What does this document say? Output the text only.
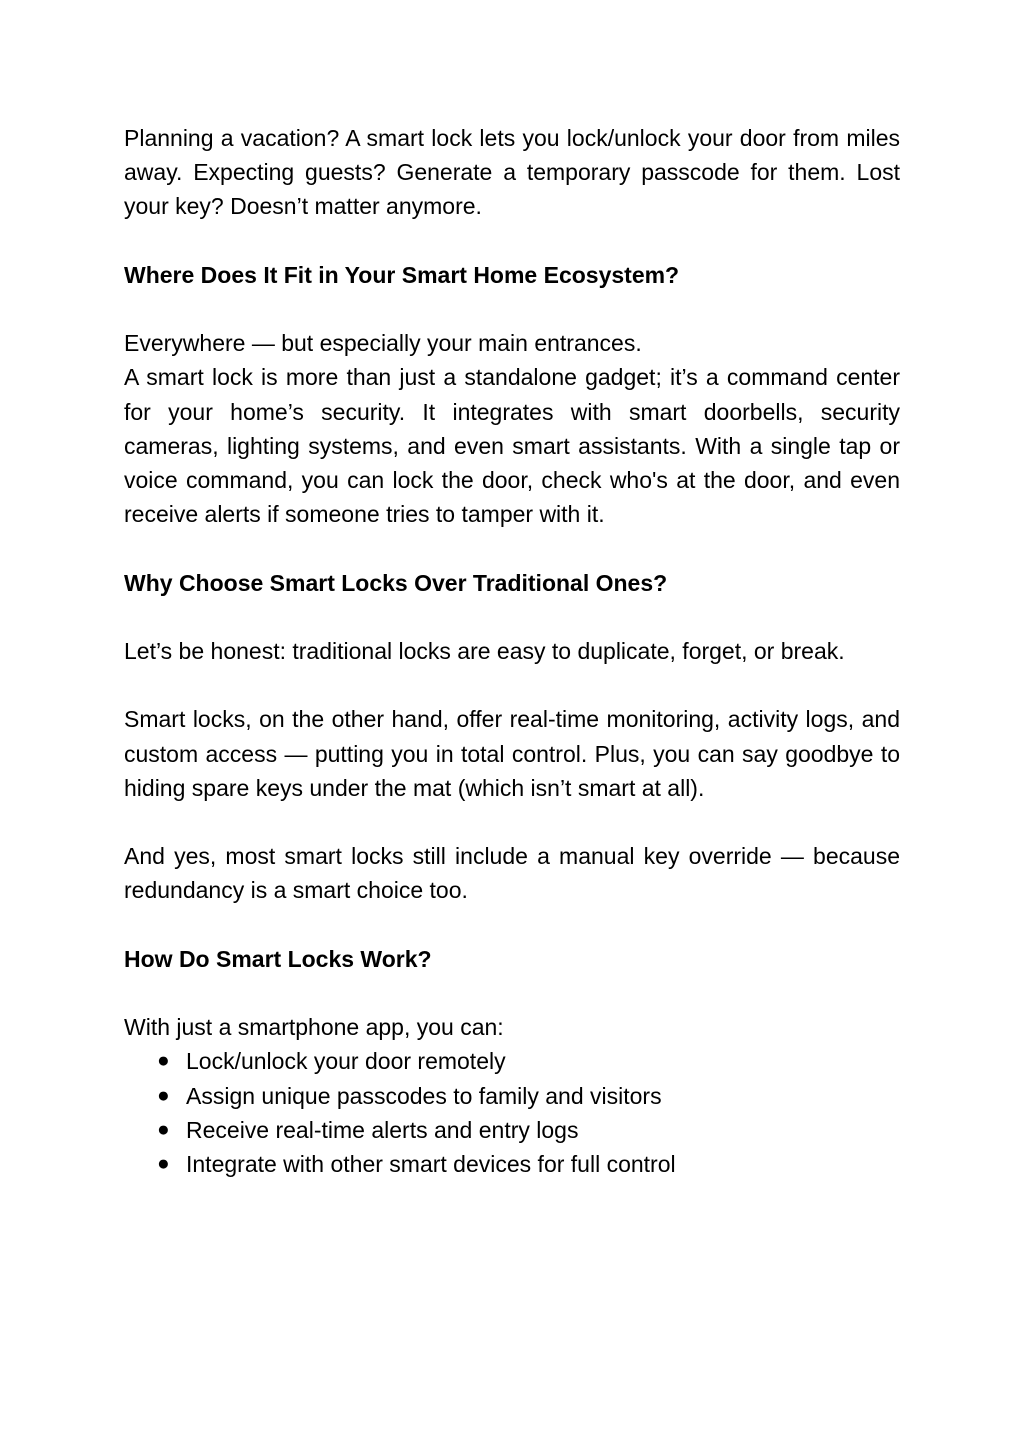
Planning a vacation? A smart lock lets you lock/unlock your door from miles away. Expecting guests? Generate a temporary passcode for them. Lost your key? Doesn’t matter anymore.

Where Does It Fit in Your Smart Home Ecosystem?

Everywhere — but especially your main entrances.

A smart lock is more than just a standalone gadget; it’s a command center for your home’s security. It integrates with smart doorbells, security cameras, lighting systems, and even smart assistants. With a single tap or voice command, you can lock the door, check who's at the door, and even receive alerts if someone tries to tamper with it.

Why Choose Smart Locks Over Traditional Ones?

Let’s be honest: traditional locks are easy to duplicate, forget, or break.

Smart locks, on the other hand, offer real-time monitoring, activity logs, and custom access — putting you in total control. Plus, you can say goodbye to hiding spare keys under the mat (which isn’t smart at all).

And yes, most smart locks still include a manual key override — because redundancy is a smart choice too.

How Do Smart Locks Work?

With just a smartphone app, you can:

● Lock/unlock your door remotely
● Assign unique passcodes to family and visitors
● Receive real-time alerts and entry logs
● Integrate with other smart devices for full control
